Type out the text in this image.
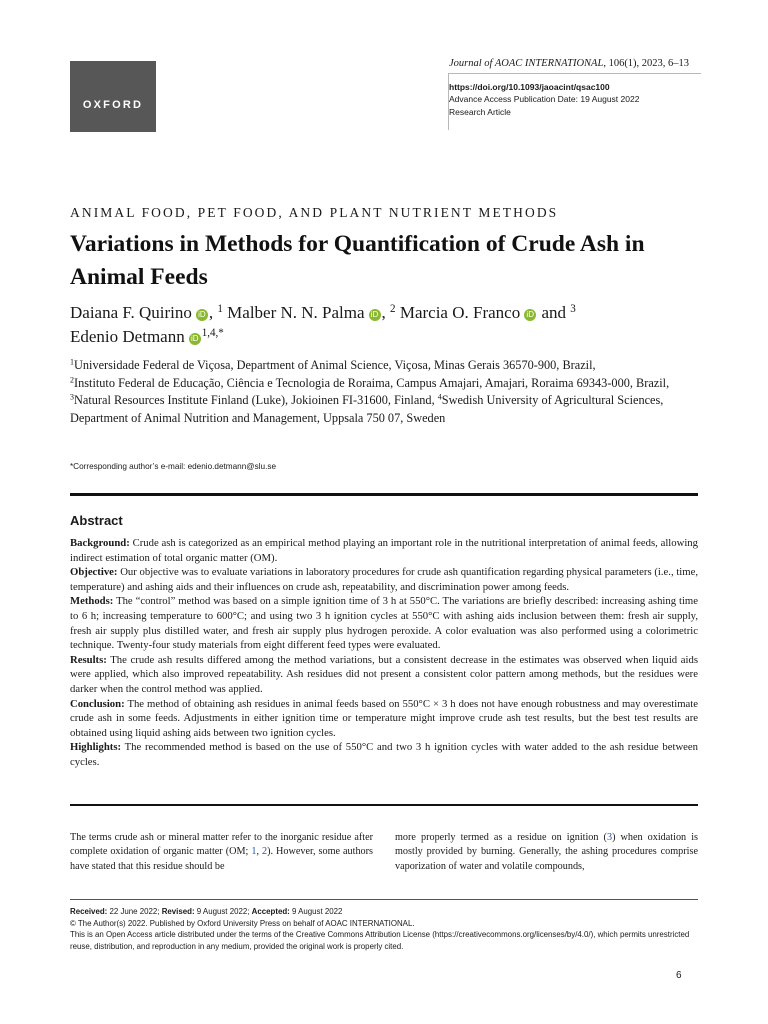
OXFORD
Journal of AOAC INTERNATIONAL, 106(1), 2023, 6–13
https://doi.org/10.1093/jaoacint/qsac100
Advance Access Publication Date: 19 August 2022
Research Article
ANIMAL FOOD, PET FOOD, AND PLANT NUTRIENT METHODS
Variations in Methods for Quantification of Crude Ash in Animal Feeds
Daiana F. Quirino iD , $^1$ Malber N. N. Palma iD , $^2$ Marcia O. Franco iD and $^3$
Edenio Detmann iD $^{1,4,*}$
$^1$Universidade Federal de Viçosa, Department of Animal Science, Viçosa, Minas Gerais 36570-900, Brazil,
$^2$Instituto Federal de Educação, Ciência e Tecnologia de Roraima, Campus Amajari, Amajari, Roraima 69343-000, Brazil, $^3$Natural Resources Institute Finland (Luke), Jokioinen FI-31600, Finland, $^4$Swedish University of Agricultural Sciences, Department of Animal Nutrition and Management, Uppsala 750 07, Sweden
*Corresponding author’s e-mail: edenio.detmann@slu.se
Abstract
Background: Crude ash is categorized as an empirical method playing an important role in the nutritional interpretation of animal feeds, allowing indirect estimation of total organic matter (OM).
Objective: Our objective was to evaluate variations in laboratory procedures for crude ash quantification regarding physical parameters (i.e., time, temperature) and ashing aids and their influences on crude ash, repeatability, and discrimination power among feeds.
Methods: The “control” method was based on a simple ignition time of 3 h at 550°C. The variations are briefly described: increasing ashing time to 6 h; increasing temperature to 600°C; and using two 3 h ignition cycles at 550°C with ashing aids inclusion between them: fresh air supply, fresh air supply plus distilled water, and fresh air supply plus hydrogen peroxide. A color evaluation was also performed using a colorimetric technique. Twenty-four study materials from eight different feed types were evaluated.
Results: The crude ash results differed among the method variations, but a consistent decrease in the estimates was observed when liquid aids were applied, which also improved repeatability. Ash residues did not present a consistent color pattern among methods, but the residues were darker when the control method was applied.
Conclusion: The method of obtaining ash residues in animal feeds based on 550°C × 3 h does not have enough robustness and may overestimate crude ash in some feeds. Adjustments in either ignition time or temperature might improve crude ash test results, but the best test results are obtained using liquid ashing aids between two ignition cycles.
Highlights: The recommended method is based on the use of 550°C and two 3 h ignition cycles with water added to the ash residue between cycles.
The terms crude ash or mineral matter refer to the inorganic residue after complete oxidation of organic matter (OM; 1, 2). However, some authors have stated that this residue should be
more properly termed as a residue on ignition (3) when oxidation is mostly provided by burning. Generally, the ashing procedures comprise vaporization of water and volatile compounds,
Received: 22 June 2022; Revised: 9 August 2022; Accepted: 9 August 2022
© The Author(s) 2022. Published by Oxford University Press on behalf of AOAC INTERNATIONAL.
This is an Open Access article distributed under the terms of the Creative Commons Attribution License (https://creativecommons.org/licenses/by/4.0/), which permits unrestricted reuse, distribution, and reproduction in any medium, provided the original work is properly cited.
6
